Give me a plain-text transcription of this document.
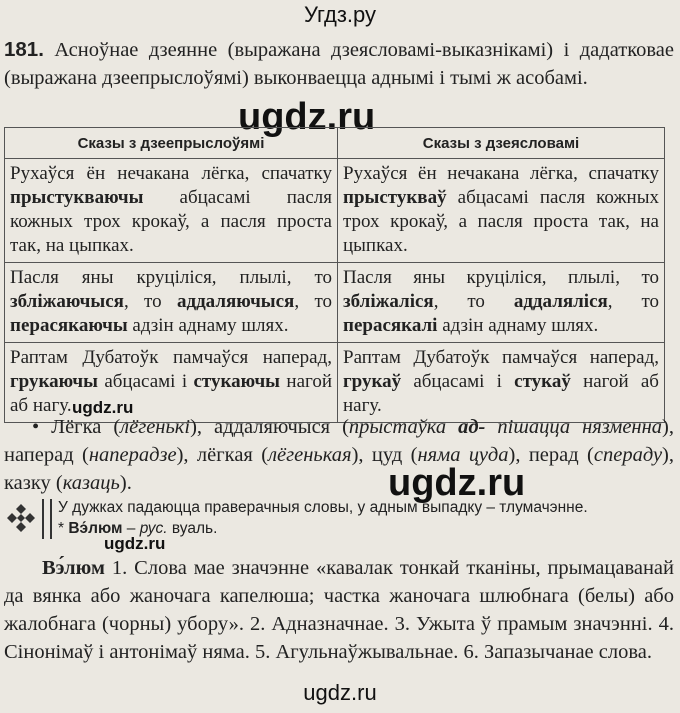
Угдз.ру
181. Асноўнае дзеянне (выражана дзеясловамі-выказнікамі) і дадатковае (выражана дзеепрыслоўямі) выконваецца аднымі і тымі ж асобамі.
ugdz.ru
Сказы з дзеепрыслоўямі	Сказы з дзеясловамі
Рухаўся ён нечакана лёгка, спачатку прыстукваючы абцасамі пасля кожных трох крокаў, а пасля проста так, на цыпках.	Рухаўся ён нечакана лёгка, спачатку прыстукваў абцасамі пасля кожных трох крокаў, а пасля проста так, на цыпках.
Пасля яны круціліся, плылі, то збліжаючыся, то аддаляючыся, то перасякаючы адзін аднаму шлях.	Пасля яны круціліся, плылі, то збліжаліся, то аддаляліся, то перасякалі адзін аднаму шлях.
Раптам Дубатоўк памчаўся наперад, грукаючы абцасамі і стукаючы нагой аб нагу.	Раптам Дубатоўк памчаўся наперад, грукаў абцасамі і стукаў нагой аб нагу.
ugdz.ru
• Лёгка (лёгенькі), аддаляючыся (прыстаўка ад- пішацца нязменна), наперад (наперадзе), лёгкая (лёгенькая), цуд (няма цуда), перад (спераду), казку (казаць).	ugdz.ru
У дужках падаюцца праверачныя словы, у адным выпадку – тлумачэнне.
* Вэ́люм – рус. вуаль.
ugdz.ru
Вэ́люм 1. Слова мае значэнне «кавалак тонкай тканіны, прымацаванай да вянка або жаночага капелюша; частка жаночага шлюбнага (белы) або жалобнага (чорны) убору». 2. Адназначнае. 3. Ужыта ў прамым значэнні. 4. Сінонімаў і антонімаў няма. 5. Агульнаўжывальнае. 6. Запазычанае слова.
ugdz.ru
